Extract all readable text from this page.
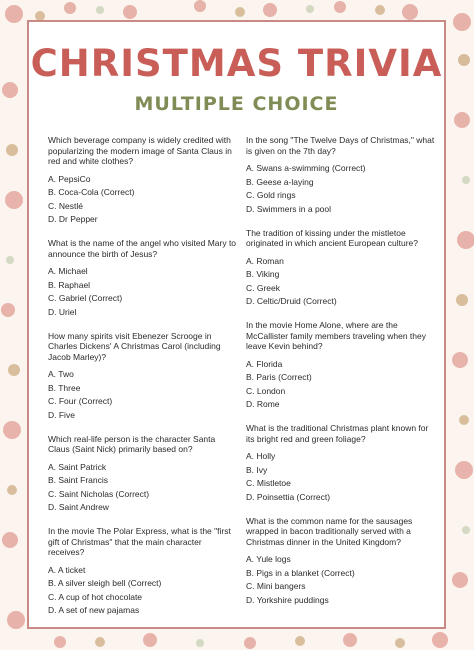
CHRISTMAS TRIVIA
MULTIPLE CHOICE
Which beverage company is widely credited with popularizing the modern image of Santa Claus in red and white clothes?
A. PepsiCo
B. Coca-Cola (Correct)
C. Nestlé
D. Dr Pepper
What is the name of the angel who visited Mary to announce the birth of Jesus?
A. Michael
B. Raphael
C. Gabriel (Correct)
D. Uriel
How many spirits visit Ebenezer Scrooge in Charles Dickens' A Christmas Carol (including Jacob Marley)?
A. Two
B. Three
C. Four (Correct)
D. Five
Which real-life person is the character Santa Claus (Saint Nick) primarily based on?
A. Saint Patrick
B. Saint Francis
C. Saint Nicholas (Correct)
D. Saint Andrew
In the movie The Polar Express, what is the "first gift of Christmas" that the main character receives?
A. A ticket
B. A silver sleigh bell (Correct)
C. A cup of hot chocolate
D. A set of new pajamas
In the song "The Twelve Days of Christmas," what is given on the 7th day?
A. Swans a-swimming (Correct)
B. Geese a-laying
C. Gold rings
D. Swimmers in a pool
The tradition of kissing under the mistletoe originated in which ancient European culture?
A. Roman
B. Viking
C. Greek
D. Celtic/Druid (Correct)
In the movie Home Alone, where are the McCallister family members traveling when they leave Kevin behind?
A. Florida
B. Paris (Correct)
C. London
D. Rome
What is the traditional Christmas plant known for its bright red and green foliage?
A. Holly
B. Ivy
C. Mistletoe
D. Poinsettia (Correct)
What is the common name for the sausages wrapped in bacon traditionally served with a Christmas dinner in the United Kingdom?
A. Yule logs
B. Pigs in a blanket (Correct)
C. Mini bangers
D. Yorkshire puddings
